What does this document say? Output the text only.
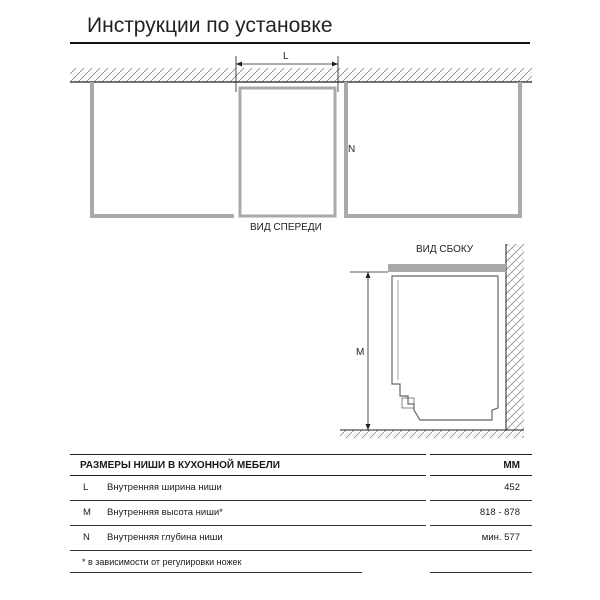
Инструкции по установке
L
N
ВИД СПЕРЕДИ
ВИД СБОКУ
M
РАЗМЕРЫ НИШИ В КУХОННОЙ МЕБЕЛИ	ММ
L Внутренняя ширина ниши	452
M Внутренняя высота ниши*	818 - 878
N Внутренняя глубина ниши	мин. 577
* в зависимости от регулировки ножек
